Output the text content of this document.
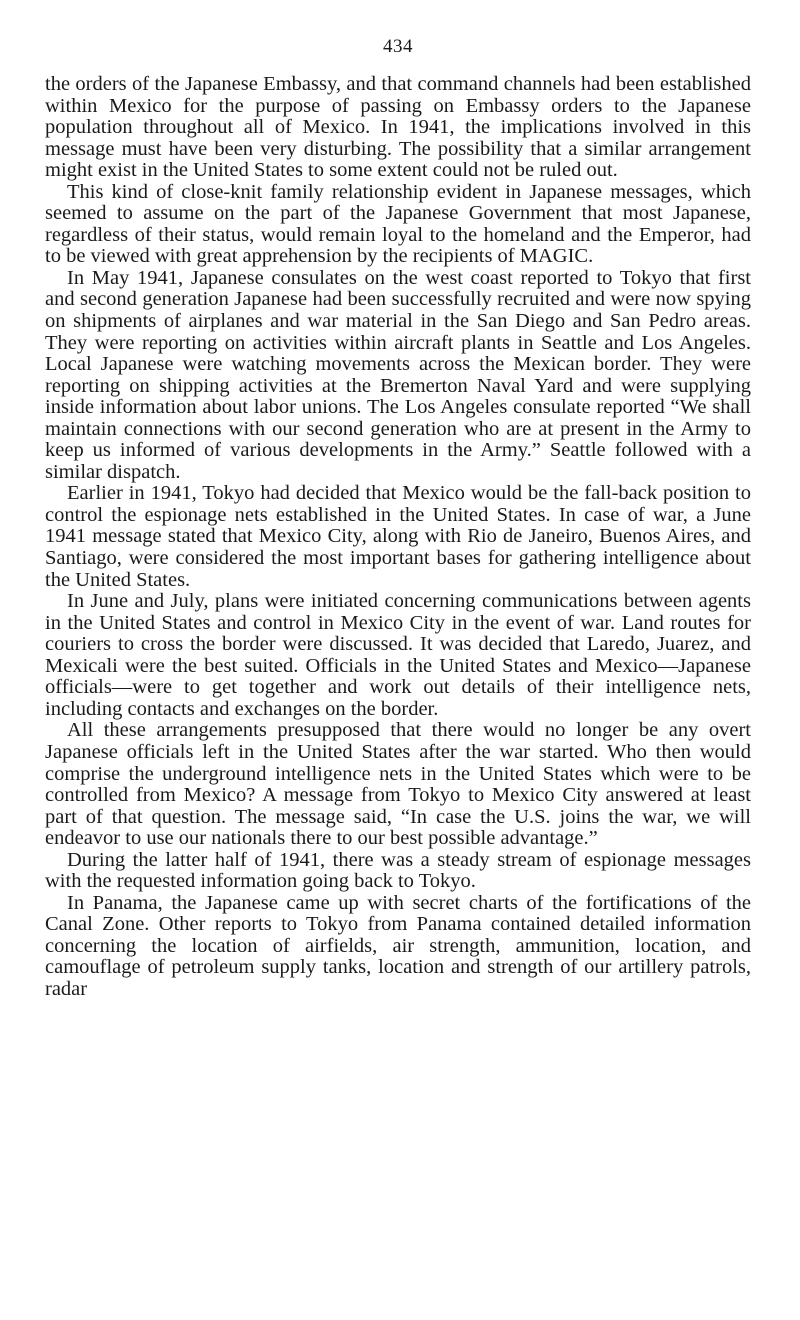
434

the orders of the Japanese Embassy, and that command channels had been established within Mexico for the purpose of passing on Embassy orders to the Japanese population throughout all of Mexico. In 1941, the implications involved in this message must have been very disturbing. The possibility that a similar arrangement might exist in the United States to some extent could not be ruled out.

This kind of close-knit family relationship evident in Japanese messages, which seemed to assume on the part of the Japanese Government that most Japanese, regardless of their status, would remain loyal to the homeland and the Emperor, had to be viewed with great apprehension by the recipients of MAGIC.

In May 1941, Japanese consulates on the west coast reported to Tokyo that first and second generation Japanese had been successfully recruited and were now spying on shipments of airplanes and war material in the San Diego and San Pedro areas. They were reporting on activities within aircraft plants in Seattle and Los Angeles. Local Japanese were watching movements across the Mexican border. They were reporting on shipping activities at the Bremerton Naval Yard and were supplying inside information about labor unions. The Los Angeles consulate reported “We shall maintain connections with our second generation who are at present in the Army to keep us informed of various developments in the Army.” Seattle followed with a similar dispatch.

Earlier in 1941, Tokyo had decided that Mexico would be the fall-back position to control the espionage nets established in the United States. In case of war, a June 1941 message stated that Mexico City, along with Rio de Janeiro, Buenos Aires, and Santiago, were considered the most important bases for gathering intelligence about the United States.

In June and July, plans were initiated concerning communications between agents in the United States and control in Mexico City in the event of war. Land routes for couriers to cross the border were discussed. It was decided that Laredo, Juarez, and Mexicali were the best suited. Officials in the United States and Mexico—Japanese officials—were to get together and work out details of their intelligence nets, including contacts and exchanges on the border.

All these arrangements presupposed that there would no longer be any overt Japanese officials left in the United States after the war started. Who then would comprise the underground intelligence nets in the United States which were to be controlled from Mexico? A message from Tokyo to Mexico City answered at least part of that question. The message said, “In case the U.S. joins the war, we will endeavor to use our nationals there to our best possible advantage.”

During the latter half of 1941, there was a steady stream of espionage messages with the requested information going back to Tokyo.

In Panama, the Japanese came up with secret charts of the fortifications of the Canal Zone. Other reports to Tokyo from Panama contained detailed information concerning the location of airfields, air strength, ammunition, location, and camouflage of petroleum supply tanks, location and strength of our artillery patrols, radar
